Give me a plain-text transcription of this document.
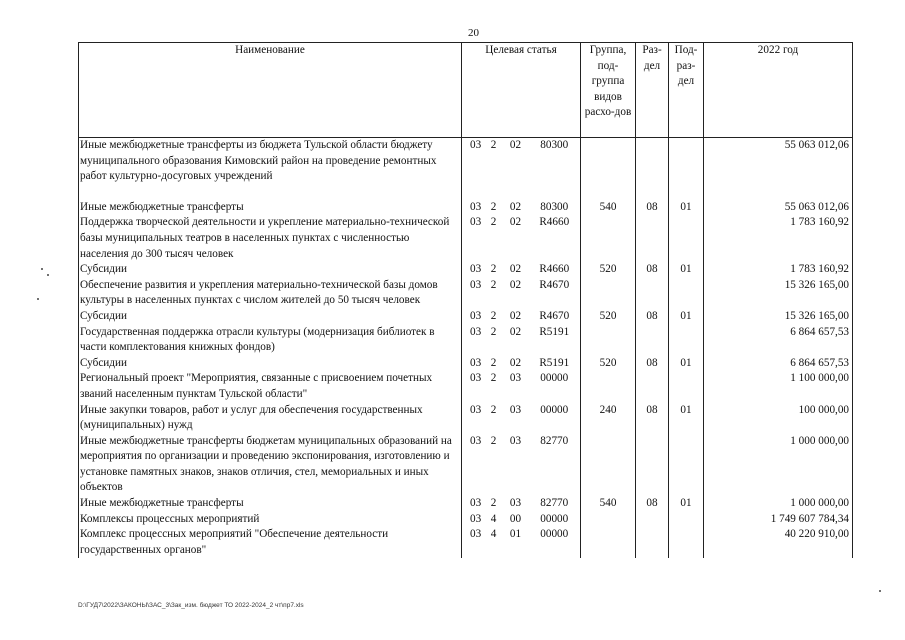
20
Наименование	Целевая статья				Группа, под-группа видов расхо-дов	Раз-дел	Под-раз-дел	2022 год
Иные межбюджетные трансферты из бюджета Тульской области бюджету муниципального образования Кимовский район на проведение ремонтных работ культурно-досуговых учреждений	03	2	02	80300				55 063 012,06

Иные межбюджетные трансферты	03	2	02	80300	540	08	01	55 063 012,06
Поддержка творческой деятельности и укрепление материально-технической базы муниципальных театров в населенных пунктах с численностью населения до 300 тысяч человек	03	2	02	R4660				1 783 160,92
Субсидии	03	2	02	R4660	520	08	01	1 783 160,92
Обеспечение развития и укрепления материально-технической базы домов культуры в населенных пунктах с числом жителей до 50 тысяч человек	03	2	02	R4670				15 326 165,00
Субсидии	03	2	02	R4670	520	08	01	15 326 165,00
Государственная поддержка отрасли культуры (модернизация библиотек в части комплектования книжных фондов)	03	2	02	R5191				6 864 657,53
Субсидии	03	2	02	R5191	520	08	01	6 864 657,53
Региональный проект "Мероприятия, связанные с присвоением почетных званий населенным пунктам Тульской области"	03	2	03	00000				1 100 000,00
Иные закупки товаров, работ и услуг для обеспечения государственных (муниципальных) нужд	03	2	03	00000	240	08	01	100 000,00
Иные межбюджетные трансферты бюджетам муниципальных образований на мероприятия по организации и проведению экспонирования, изготовлению и установке памятных знаков, знаков отличия, стел, мемориальных и иных объектов	03	2	03	82770				1 000 000,00
Иные межбюджетные трансферты	03	2	03	82770	540	08	01	1 000 000,00
Комплексы процессных мероприятий	03	4	00	00000				1 749 607 784,34
Комплекс процессных мероприятий "Обеспечение деятельности государственных органов"	03	4	01	00000				40 220 910,00
D:\ГУД7\2022\ЗАКОНЫ\ЗАС_3\Зак_изм. бюджет ТО 2022-2024_2 чт\пр7.xls
